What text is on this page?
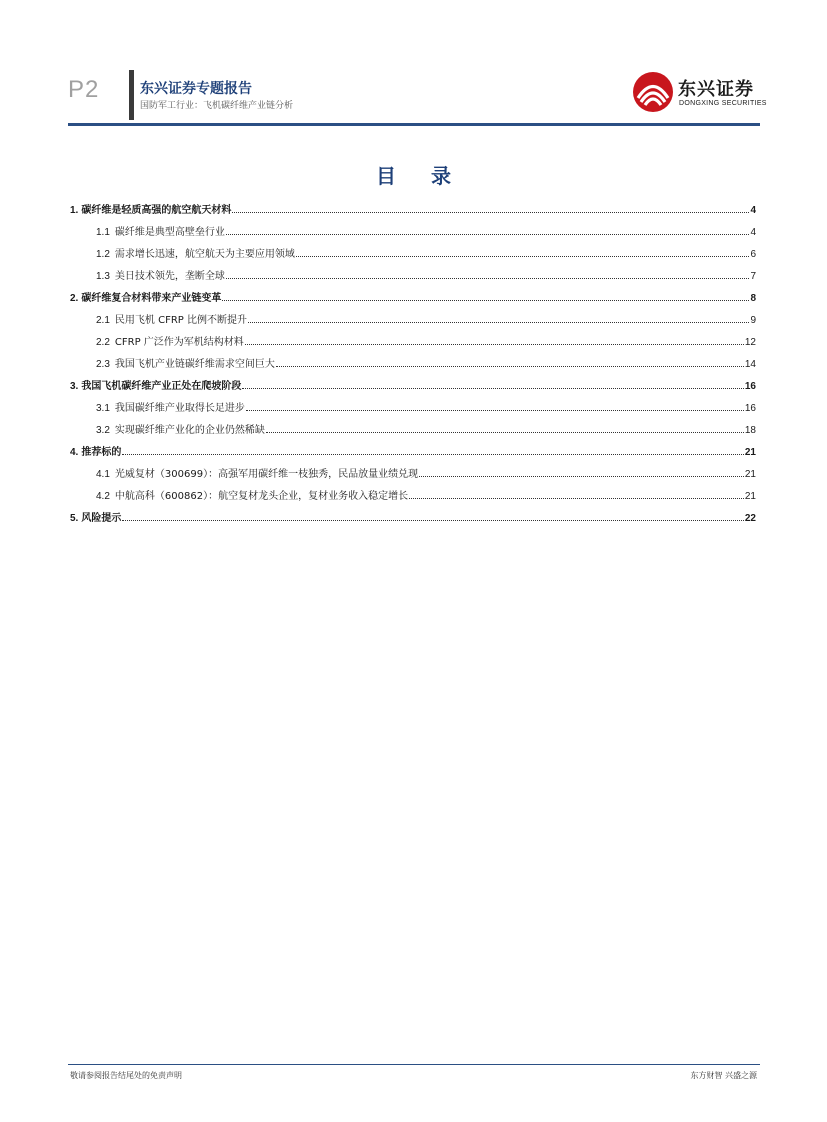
P2	东兴证券专题报告
国防军工行业：飞机碳纤维产业链分析
东兴证券
DONGXING SECURITIES
目 录
1. 碳纤维是轻质高强的航空航天材料	4
1.1 碳纤维是典型高壁垒行业	4
1.2 需求增长迅速，航空航天为主要应用领域	6
1.3 美日技术领先，垄断全球	7
2. 碳纤维复合材料带来产业链变革	8
2.1 民用飞机 CFRP 比例不断提升	9
2.2 CFRP 广泛作为军机结构材料	12
2.3 我国飞机产业链碳纤维需求空间巨大	14
3. 我国飞机碳纤维产业正处在爬坡阶段	16
3.1 我国碳纤维产业取得长足进步	16
3.2 实现碳纤维产业化的企业仍然稀缺	18
4. 推荐标的	21
4.1 光威复材（300699）：高强军用碳纤维一枝独秀，民品放量业绩兑现	21
4.2 中航高科（600862）：航空复材龙头企业，复材业务收入稳定增长	21
5. 风险提示	22
敬请参阅报告结尾处的免责声明	东方财智 兴盛之源
